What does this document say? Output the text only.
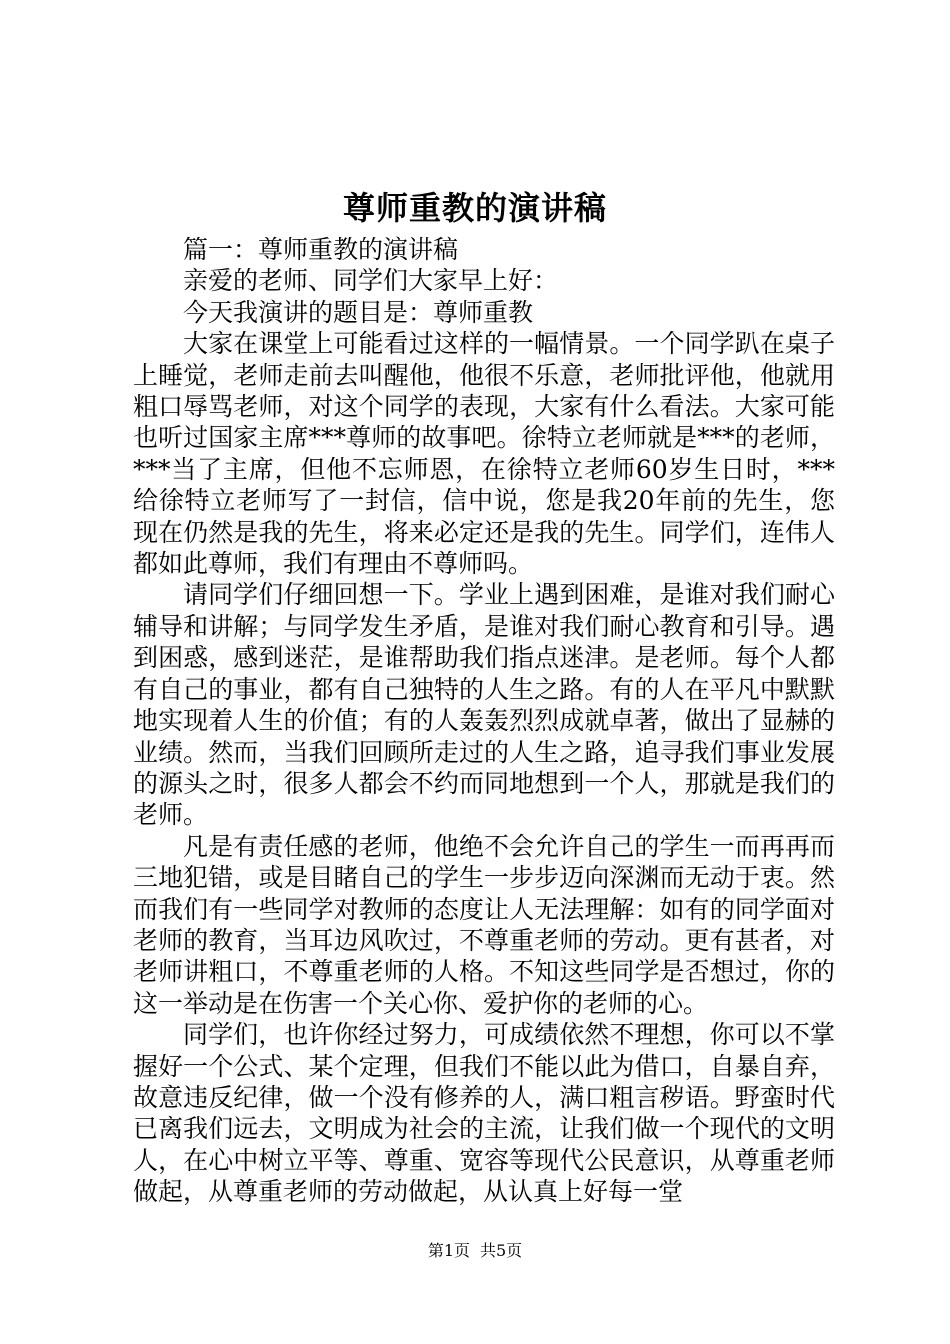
尊师重教的演讲稿

篇一：尊师重教的演讲稿

亲爱的老师、同学们大家早上好：

今天我演讲的题目是：尊师重教

大家在课堂上可能看过这样的一幅情景。一个同学趴在桌子上睡觉，老师走前去叫醒他，他很不乐意，老师批评他，他就用粗口辱骂老师，对这个同学的表现，大家有什么看法。大家可能也听过国家主席***尊师的故事吧。徐特立老师就是***的老师，***当了主席，但他不忘师恩，在徐特立老师60岁生日时，***给徐特立老师写了一封信，信中说，您是我20年前的先生，您现在仍然是我的先生，将来必定还是我的先生。同学们，连伟人都如此尊师，我们有理由不尊师吗。

请同学们仔细回想一下。学业上遇到困难，是谁对我们耐心辅导和讲解；与同学发生矛盾，是谁对我们耐心教育和引导。遇到困惑，感到迷茫，是谁帮助我们指点迷津。是老师。每个人都有自己的事业，都有自己独特的人生之路。有的人在平凡中默默地实现着人生的价值；有的人轰轰烈烈成就卓著，做出了显赫的业绩。然而，当我们回顾所走过的人生之路，追寻我们事业发展的源头之时，很多人都会不约而同地想到一个人，那就是我们的老师。

凡是有责任感的老师，他绝不会允许自己的学生一而再再而三地犯错，或是目睹自己的学生一步步迈向深渊而无动于衷。然而我们有一些同学对教师的态度让人无法理解：如有的同学面对老师的教育，当耳边风吹过，不尊重老师的劳动。更有甚者，对老师讲粗口，不尊重老师的人格。不知这些同学是否想过，你的这一举动是在伤害一个关心你、爱护你的老师的心。

同学们，也许你经过努力，可成绩依然不理想，你可以不掌握好一个公式、某个定理，但我们不能以此为借口，自暴自弃，故意违反纪律，做一个没有修养的人，满口粗言秽语。野蛮时代已离我们远去，文明成为社会的主流，让我们做一个现代的文明人，在心中树立平等、尊重、宽容等现代公民意识，从尊重老师做起，从尊重老师的劳动做起，从认真上好每一堂

第1页 共5页
